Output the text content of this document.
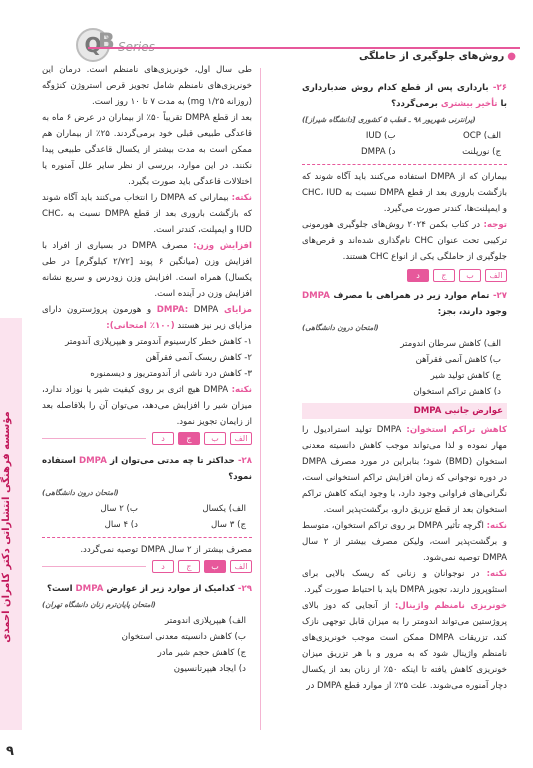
Q
B Series
●روش‌های جلوگیری از حاملگی
مؤسسه فرهنگی انتشاراتی دکتر کامران احمدی
۹
۲۶- بارداری پس از قطع کدام روش ضدبارداری با تأخیر بیشتری برمی‌گردد؟
(پرانترنی شهریور ۹۸ ـ قطب ۵ کشوری [دانشگاه شیراز])
الف) OCP
ب) IUD
ج) نورپلنت
د) DMPA

بیماران که از DMPA استفاده می‌کنند باید آگاه شوند که بازگشت باروری بعد از قطع DMPA نسبت به CHC، IUD و ایمپلنت‌ها، کندتر صورت می‌گیرد.

توجه: در کتاب بکمن ۲۰۲۴ روش‌های جلوگیری هورمونی ترکیبی تحت عنوان CHC نام‌گذاری شده‌اند و قرص‌های جلوگیری از حاملگی یکی از انواع CHC هستند.

الف
ب
ج
د
۲۷- تمام موارد زیر در همراهی با مصرف DMPA وجود دارند، بجز:
(امتحان درون دانشگاهی)
الف) کاهش سرطان اندومتر
ب) کاهش آنمی فقرآهن
ج) کاهش تولید شیر
د) کاهش تراکم استخوان
عوارض جانبی DMPA

کاهش تراکم استخوان: DMPA تولید استرادیول را مهار نموده و لذا می‌تواند موجب کاهش دانسیته معدنی استخوان (BMD) شود؛ بنابراین در مورد مصرف DMPA در دوره نوجوانی که زمان افزایش تراکم استخوانی است، نگرانی‌های فراوانی وجود دارد، با وجود اینکه کاهش تراکم استخوان بعد از قطع تزریق دارو، برگشت‌پذیر است.

نکته: اگرچه تأثیر DMPA بر روی تراکم استخوان، متوسط و برگشت‌پذیر است، ولیکن مصرف بیشتر از ۲ سال DMPA توصیه نمی‌شود.

نکته: در نوجوانان و زنانی که ریسک بالایی برای استئوپروز دارند، تجویز DMPA باید با احتیاط صورت گیرد.

خونریزی نامنظم واژینال: از آنجایی که دوز بالای پروژستین می‌تواند اندومتر را به میزان قابل توجهی نازک کند، تزریقات DMPA ممکن است موجب خونریزی‌های نامنظم واژینال شود که به مرور و با هر تزریق میزان خونریزی کاهش یافته تا اینکه ۵۰٪ از زنان بعد از یکسال دچار آمنوره می‌شوند. علت ۲۵٪ از موارد قطع DMPA در

طی سال اول، خونریزی‌های نامنظم است. درمان این خونریزی‌های نامنظم شامل تجویز قرص استروژن کنژوگه (روزانه ۱/۲۵ mg) به مدت ۷ تا ۱۰ روز است.

بعد از قطع DMPA تقریباً ۵۰٪ از بیماران در عرض ۶ ماه به قاعدگی طبیعی قبلی خود برمی‌گردند. ۲۵٪ از بیماران هم ممکن است به مدت بیشتر از یکسال قاعدگی طبیعی پیدا نکنند. در این موارد، بررسی از نظر سایر علل آمنوره یا اختلالات قاعدگی باید صورت بگیرد.

نکته: بیمارانی که DMPA را انتخاب می‌کنند باید آگاه شوند که بازگشت باروری بعد از قطع DMPA نسبت به CHC، IUD و ایمپلنت، کندتر است.

افزایش وزن: مصرف DMPA در بسیاری از افراد با افزایش وزن (میانگین ۶ پوند [۲/۷۲ کیلوگرم] در طی یکسال) همراه است. افزایش وزن زودرس و سریع نشانه افزایش وزن در آینده است.

مزایای DMPA: DMPA و هورمون پروژسترون دارای مزایای زیر نیز هستند (۱۰۰٪ امتحانی):

۱- کاهش خطر کارسینوم آندومتر و هیپرپلازی آندومتر
۲- کاهش ریسک آنمی فقرآهن
۳- کاهش درد ناشی از آندومتریوز و دیسمنوره

نکته: DMPA هیچ اثری بر روی کیفیت شیر یا نوزاد ندارد، میزان شیر را افزایش می‌دهد، می‌توان آن را بلافاصله بعد از زایمان تجویز نمود.

الف
ب
ج
د
۲۸- حداکثر تا چه مدتی می‌توان از DMPA استفاده نمود؟
(امتحان درون دانشگاهی)
الف) یکسال
ب) ۲ سال
ج) ۳ سال
د) ۴ سال

مصرف بیشتر از ۲ سال DMPA توصیه نمی‌گردد.

الف
ب
ج
د
۲۹- کدامیک از موارد زیر از عوارض DMPA است؟
(امتحان پایان‌ترم زنان دانشگاه تهران)
الف) هیپرپلازی اندومتر
ب) کاهش دانسیته معدنی استخوان
ج) کاهش حجم شیر مادر
د) ایجاد هیپرتانسیون
